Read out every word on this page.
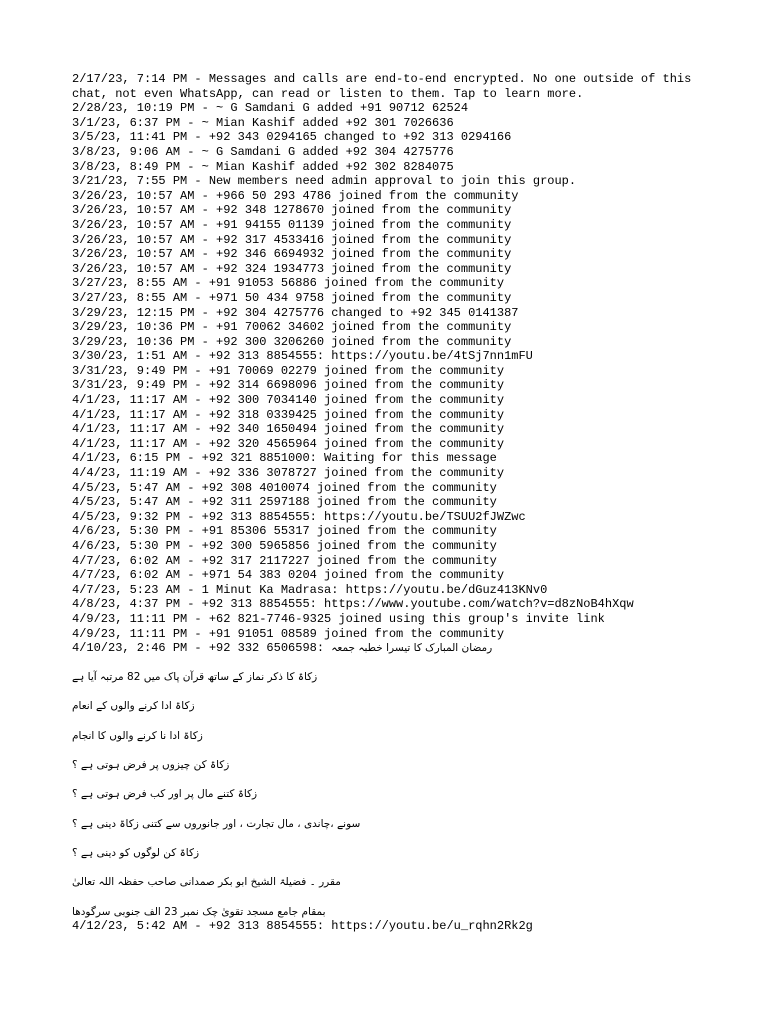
2/17/23, 7:14 PM - Messages and calls are end-to-end encrypted. No one outside of this chat, not even WhatsApp, can read or listen to them. Tap to learn more.
2/28/23, 10:19 PM - ~ G Samdani G added +91 90712 62524
3/1/23, 6:37 PM - ~ Mian Kashif added +92 301 7026636
3/5/23, 11:41 PM - +92 343 0294165 changed to +92 313 0294166
3/8/23, 9:06 AM - ~ G Samdani G added +92 304 4275776
3/8/23, 8:49 PM - ~ Mian Kashif added +92 302 8284075
3/21/23, 7:55 PM - New members need admin approval to join this group.
3/26/23, 10:57 AM - +966 50 293 4786 joined from the community
3/26/23, 10:57 AM - +92 348 1278670 joined from the community
3/26/23, 10:57 AM - +91 94155 01139 joined from the community
3/26/23, 10:57 AM - +92 317 4533416 joined from the community
3/26/23, 10:57 AM - +92 346 6694932 joined from the community
3/26/23, 10:57 AM - +92 324 1934773 joined from the community
3/27/23, 8:55 AM - +91 91053 56886 joined from the community
3/27/23, 8:55 AM - +971 50 434 9758 joined from the community
3/29/23, 12:15 PM - +92 304 4275776 changed to +92 345 0141387
3/29/23, 10:36 PM - +91 70062 34602 joined from the community
3/29/23, 10:36 PM - +92 300 3206260 joined from the community
3/30/23, 1:51 AM - +92 313 8854555: https://youtu.be/4tSj7nn1mFU
3/31/23, 9:49 PM - +91 70069 02279 joined from the community
3/31/23, 9:49 PM - +92 314 6698096 joined from the community
4/1/23, 11:17 AM - +92 300 7034140 joined from the community
4/1/23, 11:17 AM - +92 318 0339425 joined from the community
4/1/23, 11:17 AM - +92 340 1650494 joined from the community
4/1/23, 11:17 AM - +92 320 4565964 joined from the community
4/1/23, 6:15 PM - +92 321 8851000: Waiting for this message
4/4/23, 11:19 AM - +92 336 3078727 joined from the community
4/5/23, 5:47 AM - +92 308 4010074 joined from the community
4/5/23, 5:47 AM - +92 311 2597188 joined from the community
4/5/23, 9:32 PM - +92 313 8854555: https://youtu.be/TSUU2fJWZwc
4/6/23, 5:30 PM - +91 85306 55317 joined from the community
4/6/23, 5:30 PM - +92 300 5965856 joined from the community
4/7/23, 6:02 AM - +92 317 2117227 joined from the community
4/7/23, 6:02 AM - +971 54 383 0204 joined from the community
4/7/23, 5:23 AM - 1 Minut Ka Madrasa: https://youtu.be/dGuz413KNv0
4/8/23, 4:37 PM - +92 313 8854555: https://www.youtube.com/watch?v=d8zNoB4hXqw
4/9/23, 11:11 PM - +62 821-7746-9325 joined using this group's invite link
4/9/23, 11:11 PM - +91 91051 08589 joined from the community
4/10/23, 2:46 PM - +92 332 6506598: رمضان المبارک کا تیسرا خطبہ جمعہ
زکاۃ کا ذکر نماز کے ساتھ قرآن پاک میں 82 مرتبہ آیا ہے
زکاۃ ادا کرنے والوں کے انعام
زکاۃ ادا نا کرنے والوں کا انجام
زکاۃ کن چیزوں پر فرض ہوتی ہے ؟
زکاۃ کتنے مال پر اور کب فرض ہوتی ہے ؟
سونے ،چاندی ، مال تجارت ، اور جانوروں سے کتنی زکاۃ دینی ہے ؟
زکاۃ کن لوگوں کو دینی ہے ؟
مقرر ۔ فضیلۃ الشیخ ابو بکر صمدانی صاحب حفظہ اللہ تعالیٰ
بمقام جامع مسجد تقویٰ چک نمبر 23 الف جنوبی سرگودھا
4/12/23, 5:42 AM - +92 313 8854555: https://youtu.be/u_rqhn2Rk2g
